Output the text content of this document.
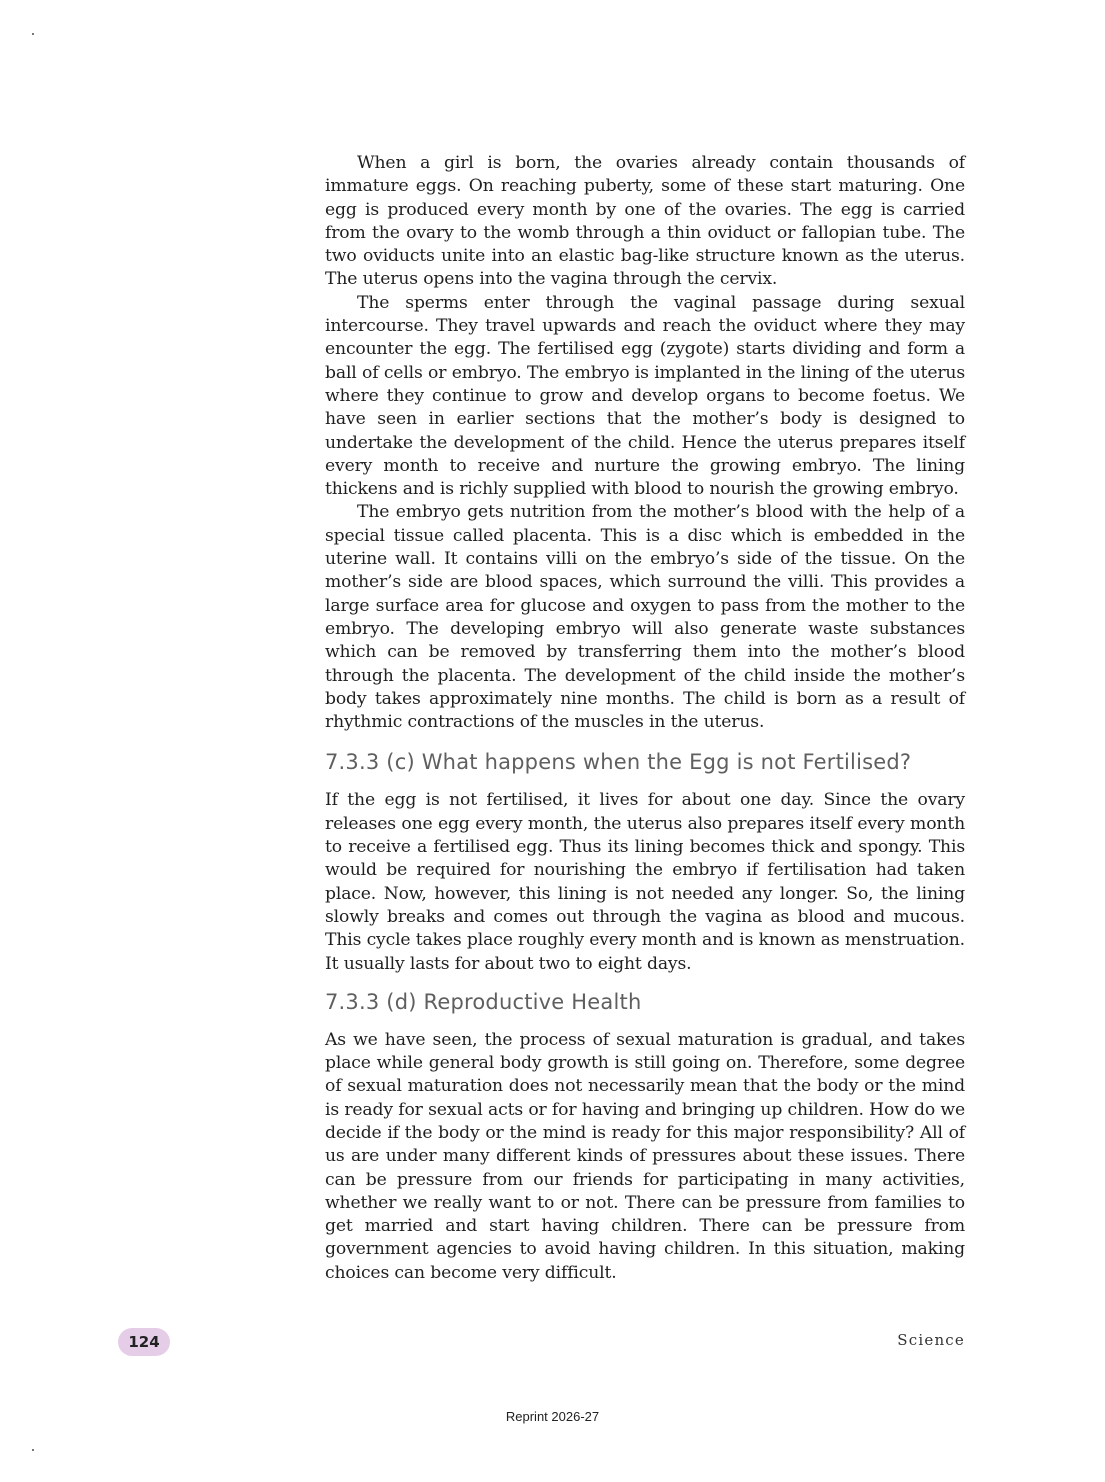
When a girl is born, the ovaries already contain thousands of immature eggs. On reaching puberty, some of these start maturing. One egg is produced every month by one of the ovaries. The egg is carried from the ovary to the womb through a thin oviduct or fallopian tube. The two oviducts unite into an elastic bag-like structure known as the uterus. The uterus opens into the vagina through the cervix.

The sperms enter through the vaginal passage during sexual intercourse. They travel upwards and reach the oviduct where they may encounter the egg. The fertilised egg (zygote) starts dividing and form a ball of cells or embryo. The embryo is implanted in the lining of the uterus where they continue to grow and develop organs to become foetus. We have seen in earlier sections that the mother’s body is designed to undertake the development of the child. Hence the uterus prepares itself every month to receive and nurture the growing embryo. The lining thickens and is richly supplied with blood to nourish the growing embryo.

The embryo gets nutrition from the mother’s blood with the help of a special tissue called placenta. This is a disc which is embedded in the uterine wall. It contains villi on the embryo’s side of the tissue. On the mother’s side are blood spaces, which surround the villi. This provides a large surface area for glucose and oxygen to pass from the mother to the embryo. The developing embryo will also generate waste substances which can be removed by transferring them into the mother’s blood through the placenta. The development of the child inside the mother’s body takes approximately nine months. The child is born as a result of rhythmic contractions of the muscles in the uterus.

7.3.3 (c) What happens when the Egg is not Fertilised?

If the egg is not fertilised, it lives for about one day. Since the ovary releases one egg every month, the uterus also prepares itself every month to receive a fertilised egg. Thus its lining becomes thick and spongy. This would be required for nourishing the embryo if fertilisation had taken place. Now, however, this lining is not needed any longer. So, the lining slowly breaks and comes out through the vagina as blood and mucous. This cycle takes place roughly every month and is known as menstruation. It usually lasts for about two to eight days.

7.3.3 (d) Reproductive Health

As we have seen, the process of sexual maturation is gradual, and takes place while general body growth is still going on. Therefore, some degree of sexual maturation does not necessarily mean that the body or the mind is ready for sexual acts or for having and bringing up children. How do we decide if the body or the mind is ready for this major responsibility? All of us are under many different kinds of pressures about these issues. There can be pressure from our friends for participating in many activities, whether we really want to or not. There can be pressure from families to get married and start having children. There can be pressure from government agencies to avoid having children. In this situation, making choices can become very difficult.

124	Science
Reprint 2026-27
